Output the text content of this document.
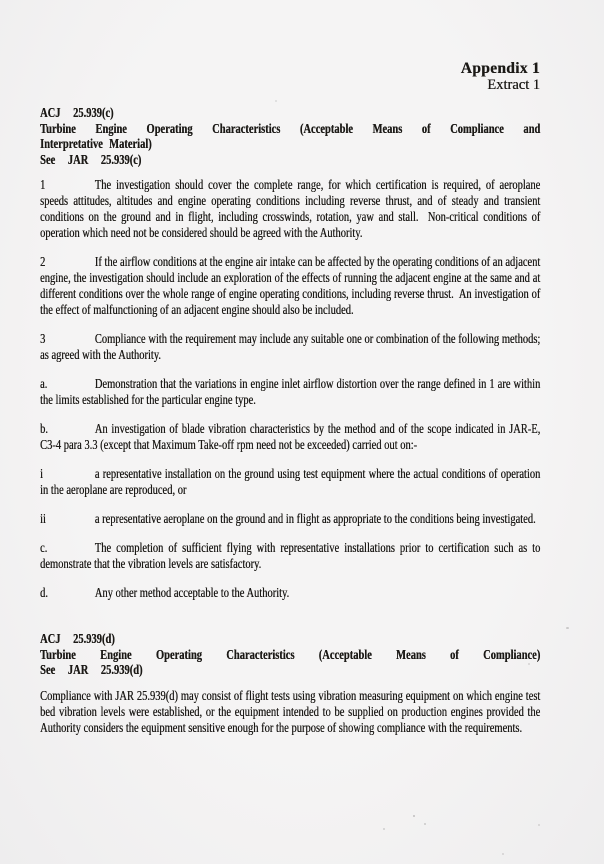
Appendix 1
Extract 1
ACJ  25.939(c)
Turbine Engine Operating Characteristics (Acceptable Means of Compliance and
Interpretative Material)
See  JAR  25.939(c)

1	The investigation should cover the complete range, for which certification is required, of aeroplane speeds attitudes, altitudes and engine operating conditions including reverse thrust, and of steady and transient conditions on the ground and in flight, including crosswinds, rotation, yaw and stall.  Non-critical conditions of operation which need not be considered should be agreed with the Authority.

2	If the airflow conditions at the engine air intake can be affected by the operating conditions of an adjacent engine, the investigation should include an exploration of the effects of running the adjacent engine at the same and at different conditions over the whole range of engine operating conditions, including reverse thrust.  An investigation of the effect of malfunctioning of an adjacent engine should also be included.

3	Compliance with the requirement may include any suitable one or combination of the following methods; as agreed with the Authority.

a.	Demonstration that the variations in engine inlet airflow distortion over the range defined in 1 are within the limits established for the particular engine type.

b.	An investigation of blade vibration characteristics by the method and of the scope indicated in JAR-E, C3-4 para 3.3 (except that Maximum Take-off rpm need not be exceeded) carried out on:-

i	a representative installation on the ground using test equipment where the actual conditions of operation in the aeroplane are reproduced, or

ii	a representative aeroplane on the ground and in flight as appropriate to the conditions being investigated.

c.	The completion of sufficient flying with representative installations prior to certification such as to demonstrate that the vibration levels are satisfactory.

d.	Any other method acceptable to the Authority.

ACJ  25.939(d)
Turbine Engine Operating Characteristics (Acceptable Means of Compliance)
See  JAR  25.939(d)

Compliance with JAR 25.939(d) may consist of flight tests using vibration measuring equipment on which engine test bed vibration levels were established, or the equipment intended to be supplied on production engines provided the Authority considers the equipment sensitive enough for the purpose of showing compliance with the requirements.
